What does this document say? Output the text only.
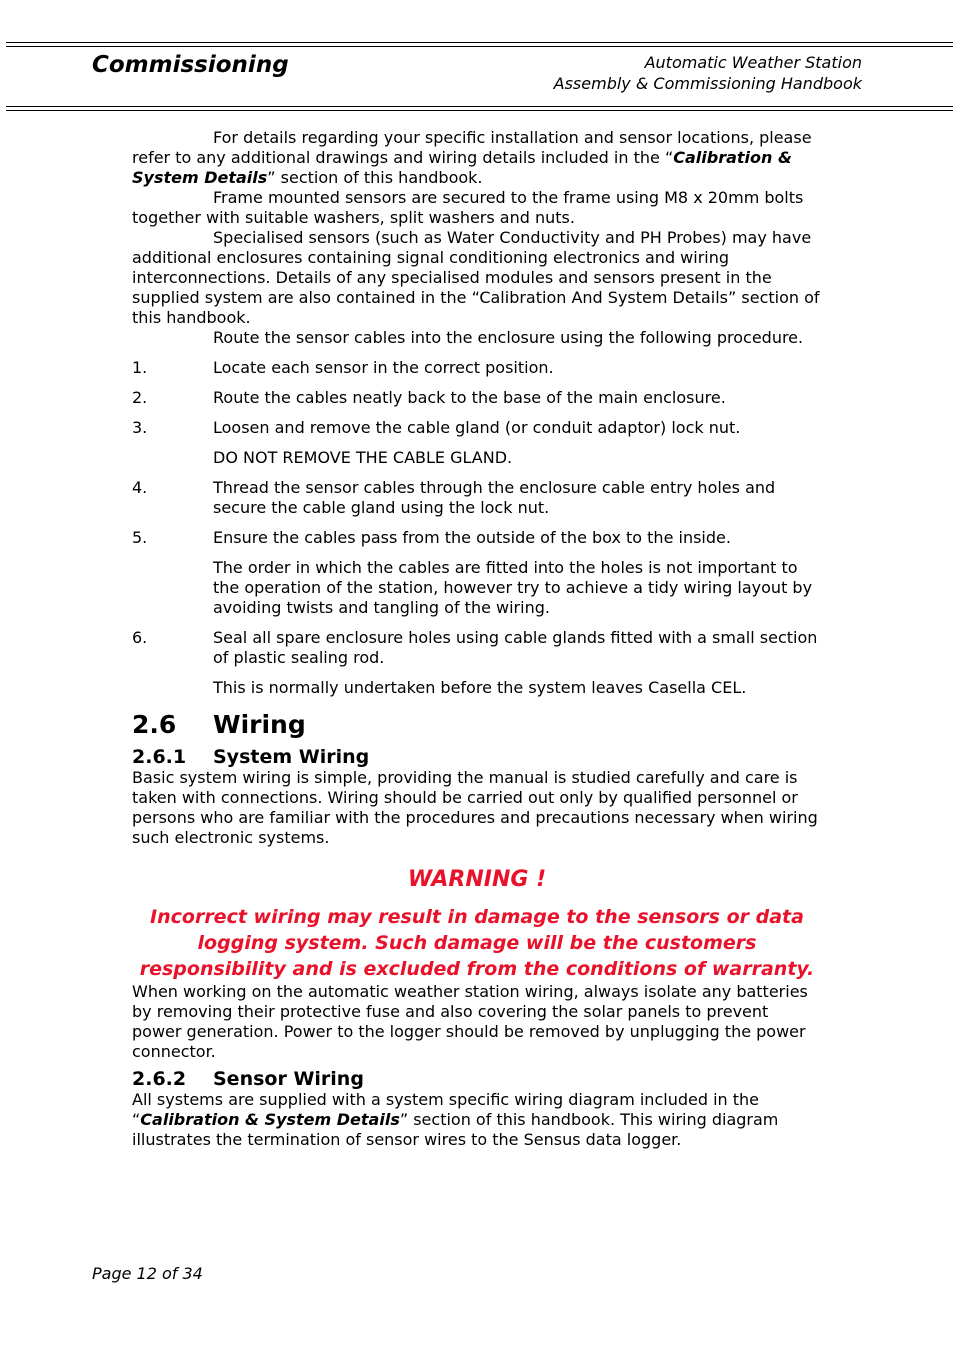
Commissioning	Automatic Weather Station
Assembly & Commissioning Handbook

For details regarding your specific installation and sensor locations, please refer to any additional drawings and wiring details included in the “Calibration & System Details” section of this handbook.

Frame mounted sensors are secured to the frame using M8 x 20mm bolts together with suitable washers, split washers and nuts.

Specialised sensors (such as Water Conductivity and PH Probes) may have additional enclosures containing signal conditioning electronics and wiring interconnections. Details of any specialised modules and sensors present in the supplied system are also contained in the “Calibration And System Details” section of this handbook.

Route the sensor cables into the enclosure using the following procedure.

1.	Locate each sensor in the correct position.
2.	Route the cables neatly back to the base of the main enclosure.
3.	Loosen and remove the cable gland (or conduit adaptor) lock nut.
DO NOT REMOVE THE CABLE GLAND.
4.	Thread the sensor cables through the enclosure cable entry holes and secure the cable gland using the lock nut.
5.	Ensure the cables pass from the outside of the box to the inside.
The order in which the cables are fitted into the holes is not important to the operation of the station, however try to achieve a tidy wiring layout by avoiding twists and tangling of the wiring.
6.	Seal all spare enclosure holes using cable glands fitted with a small section of plastic sealing rod.
This is normally undertaken before the system leaves Casella CEL.
2.6	Wiring
2.6.1	System Wiring

Basic system wiring is simple, providing the manual is studied carefully and care is taken with connections. Wiring should be carried out only by qualified personnel or persons who are familiar with the procedures and precautions necessary when wiring such electronic systems.

WARNING !
Incorrect wiring may result in damage to the sensors or data logging system. Such damage will be the customers responsibility and is excluded from the conditions of warranty.

When working on the automatic weather station wiring, always isolate any batteries by removing their protective fuse and also covering the solar panels to prevent power generation. Power to the logger should be removed by unplugging the power connector.

2.6.2	Sensor Wiring

All systems are supplied with a system specific wiring diagram included in the “Calibration & System Details” section of this handbook. This wiring diagram illustrates the termination of sensor wires to the Sensus data logger.

Page 12 of 34
